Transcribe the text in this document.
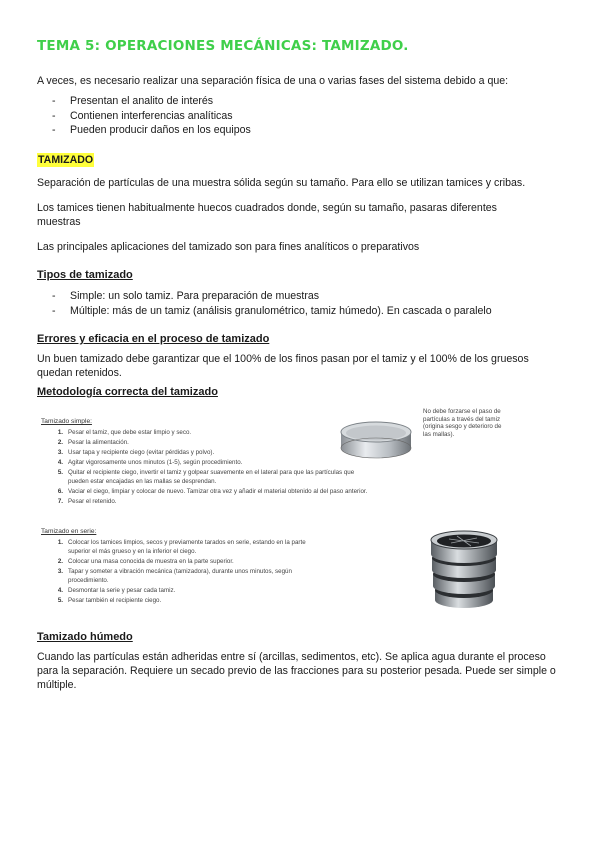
TEMA 5: OPERACIONES MECÁNICAS: TAMIZADO.
A veces, es necesario realizar una separación física de una o varias fases del sistema debido a que:
- Presentan el analito de interés
- Contienen interferencias analíticas
- Pueden producir daños en los equipos
TAMIZADO
Separación de partículas de una muestra sólida según su tamaño. Para ello se utilizan tamices y cribas.
Los tamices tienen habitualmente huecos cuadrados donde, según su tamaño, pasaras diferentes muestras
Las principales aplicaciones del tamizado son para fines analíticos o preparativos
Tipos de tamizado
- Simple: un solo tamiz. Para preparación de muestras
- Múltiple: más de un tamiz (análisis granulométrico, tamiz húmedo). En cascada o paralelo
Errores y eficacia en el proceso de tamizado
Un buen tamizado debe garantizar que el 100% de los finos pasan por el tamiz y el 100% de los gruesos quedan retenidos.
Metodología correcta del tamizado
Tamizado simple:
1. Pesar el tamiz, que debe estar limpio y seco.
2. Pesar la alimentación.
3. Usar tapa y recipiente ciego (evitar pérdidas y polvo).
4. Agitar vigorosamente unos minutos (1-5), según procedimiento.
5. Quitar el recipiente ciego, invertir el tamiz y golpear suavemente en el lateral para que las partículas que
pueden estar encajadas en las mallas se desprendan.
6. Vaciar el ciego, limpiar y colocar de nuevo. Tamizar otra vez y añadir el material obtenido al del paso anterior.
7. Pesar el retenido.
No debe forzarse el paso de partículas a través del tamiz (origina sesgo y deterioro de las mallas).
Tamizado en serie:
1. Colocar los tamices limpios, secos y previamente tarados en serie, estando en la parte
superior el más grueso y en la inferior el ciego.
2. Colocar una masa conocida de muestra en la parte superior.
3. Tapar y someter a vibración mecánica (tamizadora), durante unos minutos, según
procedimiento.
4. Desmontar la serie y pesar cada tamiz.
5. Pesar también el recipiente ciego.
Tamizado húmedo
Cuando las partículas están adheridas entre sí (arcillas, sedimentos, etc). Se aplica agua durante el proceso para la separación. Requiere un secado previo de las fracciones para su posterior pesada. Puede ser simple o múltiple.
